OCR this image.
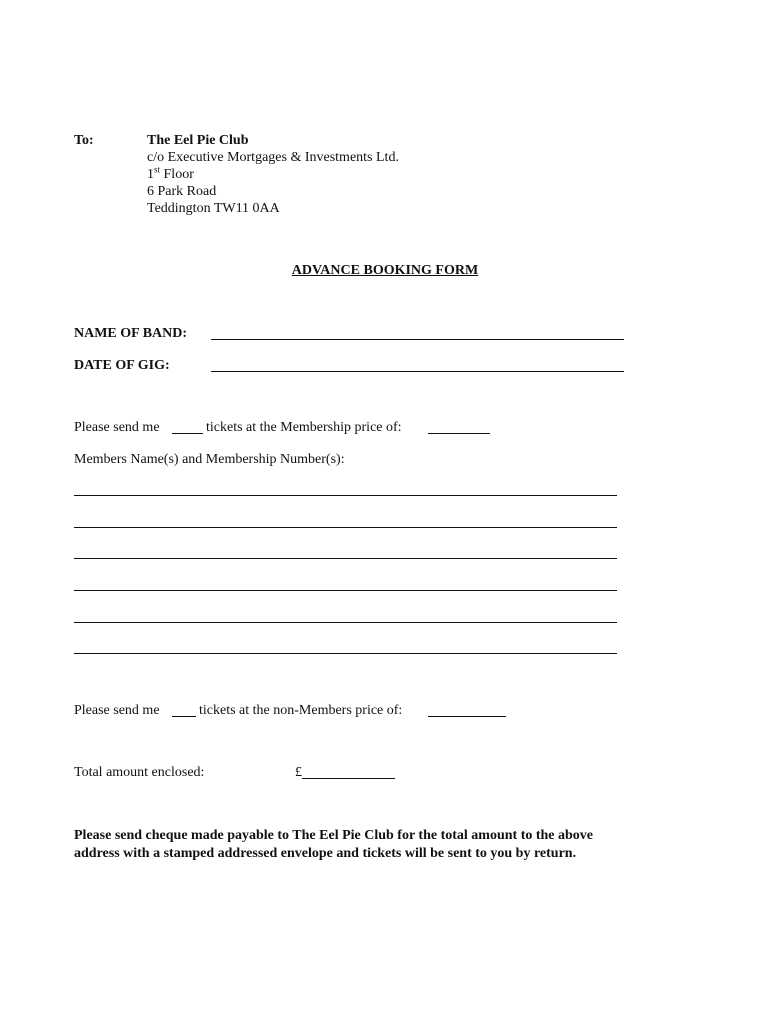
To:	The Eel Pie Club
c/o Executive Mortgages & Investments Ltd.
1st Floor
6 Park Road
Teddington TW11 0AA
ADVANCE BOOKING FORM
NAME OF BAND:
DATE OF GIG:
Please send me	tickets at the Membership price of:
Members Name(s) and Membership Number(s):
Please send me	tickets at the non-Members price of:
Total amount enclosed:	£
Please send cheque made payable to The Eel Pie Club for the total amount to the above
address with a stamped addressed envelope and tickets will be sent to you by return.
